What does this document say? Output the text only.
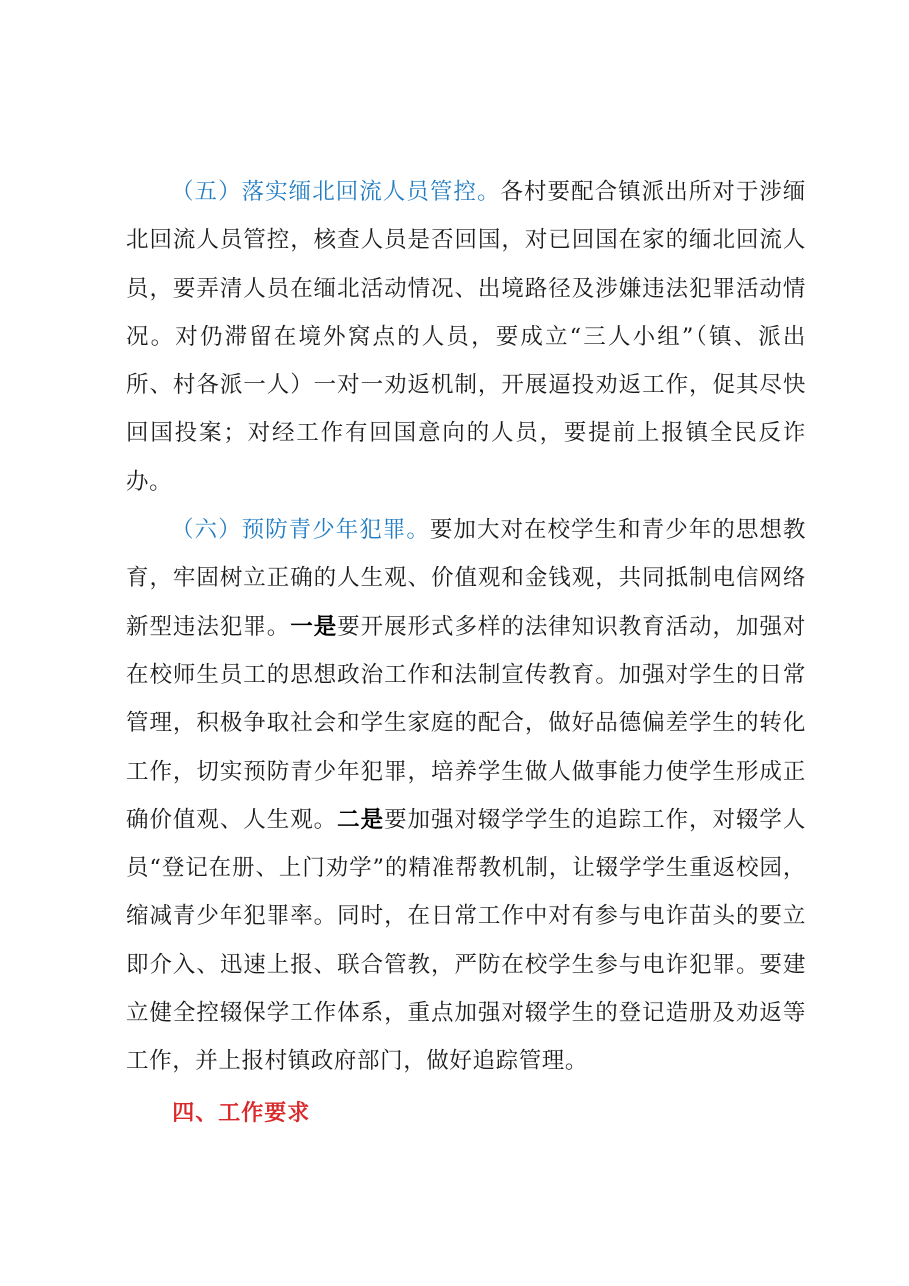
（五）落实缅北回流人员管控。各村要配合镇派出所对于涉缅北回流人员管控，核查人员是否回国，对已回国在家的缅北回流人员，要弄清人员在缅北活动情况、出境路径及涉嫌违法犯罪活动情况。对仍滞留在境外窝点的人员，要成立“三人小组”（镇、派出所、村各派一人）一对一劝返机制，开展逼投劝返工作，促其尽快回国投案；对经工作有回国意向的人员，要提前上报镇全民反诈办。

（六）预防青少年犯罪。要加大对在校学生和青少年的思想教育，牢固树立正确的人生观、价值观和金钱观，共同抵制电信网络新型违法犯罪。一是要开展形式多样的法律知识教育活动，加强对在校师生员工的思想政治工作和法制宣传教育。加强对学生的日常管理，积极争取社会和学生家庭的配合，做好品德偏差学生的转化工作，切实预防青少年犯罪，培养学生做人做事能力使学生形成正确价值观、人生观。二是要加强对辍学学生的追踪工作，对辍学人员“登记在册、上门劝学”的精准帮教机制，让辍学学生重返校园，缩减青少年犯罪率。同时，在日常工作中对有参与电诈苗头的要立即介入、迅速上报、联合管教，严防在校学生参与电诈犯罪。要建立健全控辍保学工作体系，重点加强对辍学生的登记造册及劝返等工作，并上报村镇政府部门，做好追踪管理。

四、工作要求
